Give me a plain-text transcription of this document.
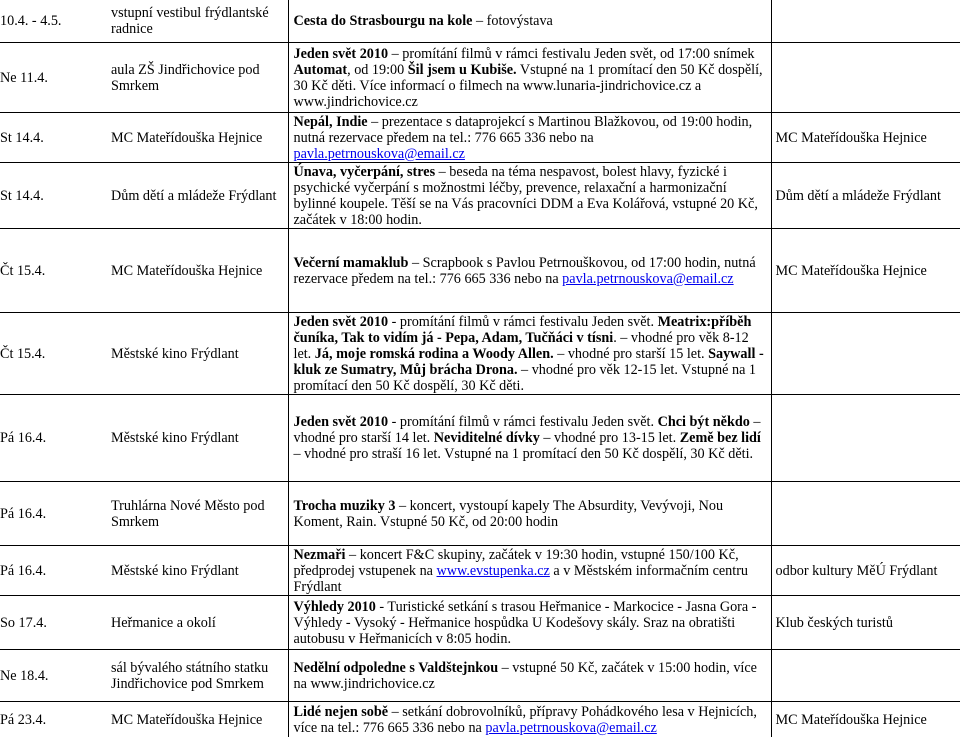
10.4. - 4.5.	vstupní vestibul frýdlantské radnice	Cesta do Strasbourgu na kole – fotovýstava	

Ne 11.4.	aula ZŠ Jindřichovice pod Smrkem	Jeden svět 2010 – promítání filmů v rámci festivalu Jeden svět, od 17:00 snímek Automat, od 19:00 Šil jsem u Kubiše. Vstupné na 1 promítací den 50 Kč dospělí, 30 Kč děti. Více informací o filmech na www.lunaria-jindrichovice.cz a www.jindrichovice.cz	

St 14.4.	MC Mateřídouška Hejnice	Nepál, Indie – prezentace s dataprojekcí s Martinou Blažkovou, od 19:00 hodin, nutná rezervace předem na tel.: 776 665 336 nebo na pavla.petrnouskova@email.cz	MC Mateřídouška Hejnice
St 14.4.	Dům dětí a mládeže Frýdlant	Únava, vyčerpání, stres – beseda na téma nespavost, bolest hlavy, fyzické i psychické vyčerpání s možnostmi léčby, prevence, relaxační a harmonizační bylinné koupele. Těší se na Vás pracovníci DDM a Eva Kolářová, vstupné 20 Kč, začátek v 18:00 hodin.	Dům dětí a mládeže Frýdlant
Čt 15.4.	MC Mateřídouška Hejnice	Večerní mamaklub – Scrapbook s Pavlou Petrnouškovou, od 17:00 hodin, nutná rezervace předem na tel.: 776 665 336 nebo na pavla.petrnouskova@email.cz	MC Mateřídouška Hejnice
Čt 15.4.	Městské kino Frýdlant	Jeden svět 2010 - promítání filmů v rámci festivalu Jeden svět. Meatrix:příběh čuníka, Tak to vidím já - Pepa, Adam, Tučňáci v tísni. – vhodné pro věk 8-12 let. Já, moje romská rodina a Woody Allen. – vhodné pro starší 15 let. Saywall - kluk ze Sumatry, Můj brácha Drona. – vhodné pro věk 12-15 let. Vstupné na 1 promítací den 50 Kč dospělí, 30 Kč děti.	

Pá 16.4.	Městské kino Frýdlant	Jeden svět 2010 - promítání filmů v rámci festivalu Jeden svět. Chci být někdo – vhodné pro starší 14 let. Neviditelné dívky – vhodné pro 13-15 let. Země bez lidí – vhodné pro straší 16 let. Vstupné na 1 promítací den 50 Kč dospělí, 30 Kč děti.	

Pá 16.4.	Truhlárna Nové Město pod Smrkem	Trocha muziky 3 – koncert, vystoupí kapely The Absurdity, Vevývoji, Nou Koment, Rain. Vstupné 50 Kč, od 20:00 hodin	

Pá 16.4.	Městské kino Frýdlant	Nezmaři – koncert F&C skupiny, začátek v 19:30 hodin, vstupné 150/100 Kč, předprodej vstupenek na www.evstupenka.cz a v Městském informačním centru Frýdlant	odbor kultury MěÚ Frýdlant
So 17.4.	Heřmanice a okolí	Výhledy 2010 - Turistické setkání s trasou Heřmanice - Markocice - Jasna Gora - Výhledy - Vysoký - Heřmanice hospůdka U Kodešovy skály. Sraz na obratišti autobusu v Heřmanicích v 8:05 hodin.	Klub českých turistů
Ne 18.4.	sál bývalého státního statku Jindřichovice pod Smrkem	Nedělní odpoledne s Valdštejnkou – vstupné 50 Kč, začátek v 15:00 hodin, více na www.jindrichovice.cz	

Pá 23.4.	MC Mateřídouška Hejnice	Lidé nejen sobě – setkání dobrovolníků, přípravy Pohádkového lesa v Hejnicích, více na tel.: 776 665 336 nebo na pavla.petrnouskova@email.cz	MC Mateřídouška Hejnice
